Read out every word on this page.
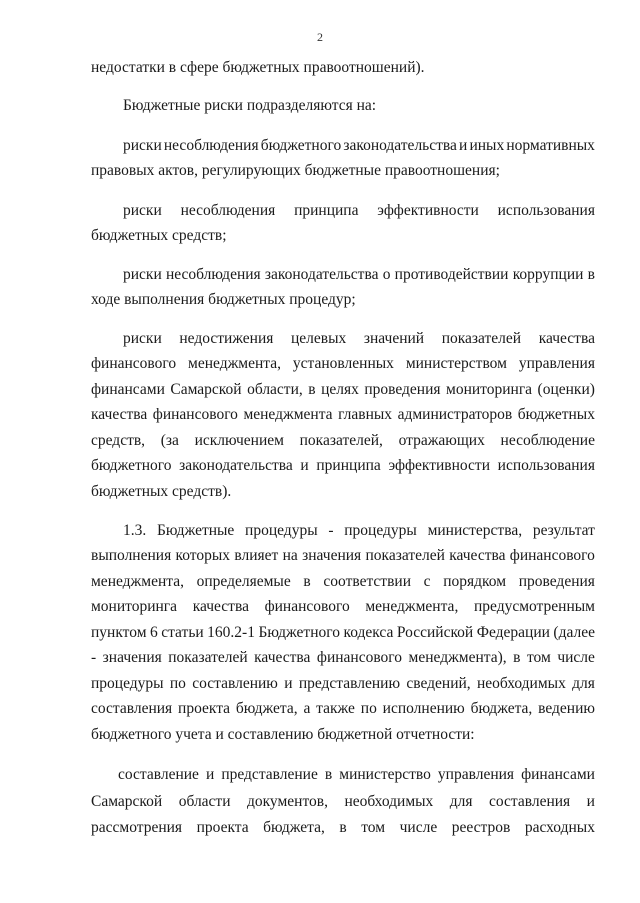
2
недостатки в сфере бюджетных правоотношений).
Бюджетные риски подразделяются на:
риски несоблюдения бюджетного законодательства и иных нормативных
правовых актов, регулирующих бюджетные правоотношения;
риски несоблюдения принципа эффективности использования
бюджетных средств;
риски несоблюдения законодательства о противодействии коррупции в
ходе выполнения бюджетных процедур;
риски недостижения целевых значений показателей качества
финансового менеджмента, установленных министерством управления
финансами Самарской области, в целях проведения мониторинга (оценки)
качества финансового менеджмента главных администраторов бюджетных
средств, (за исключением показателей, отражающих несоблюдение
бюджетного законодательства и принципа эффективности использования
бюджетных средств).
1.3. Бюджетные процедуры - процедуры министерства, результат
выполнения которых влияет на значения показателей качества финансового
менеджмента, определяемые в соответствии с порядком проведения
мониторинга качества финансового менеджмента, предусмотренным
пунктом 6 статьи 160.2-1 Бюджетного кодекса Российской Федерации (далее
- значения показателей качества финансового менеджмента), в том числе
процедуры по составлению и представлению сведений, необходимых для
составления проекта бюджета, а также по исполнению бюджета, ведению
бюджетного учета и составлению бюджетной отчетности:
составление и представление в министерство управления финансами
Самарской области документов, необходимых для составления и
рассмотрения проекта бюджета, в том числе реестров расходных
